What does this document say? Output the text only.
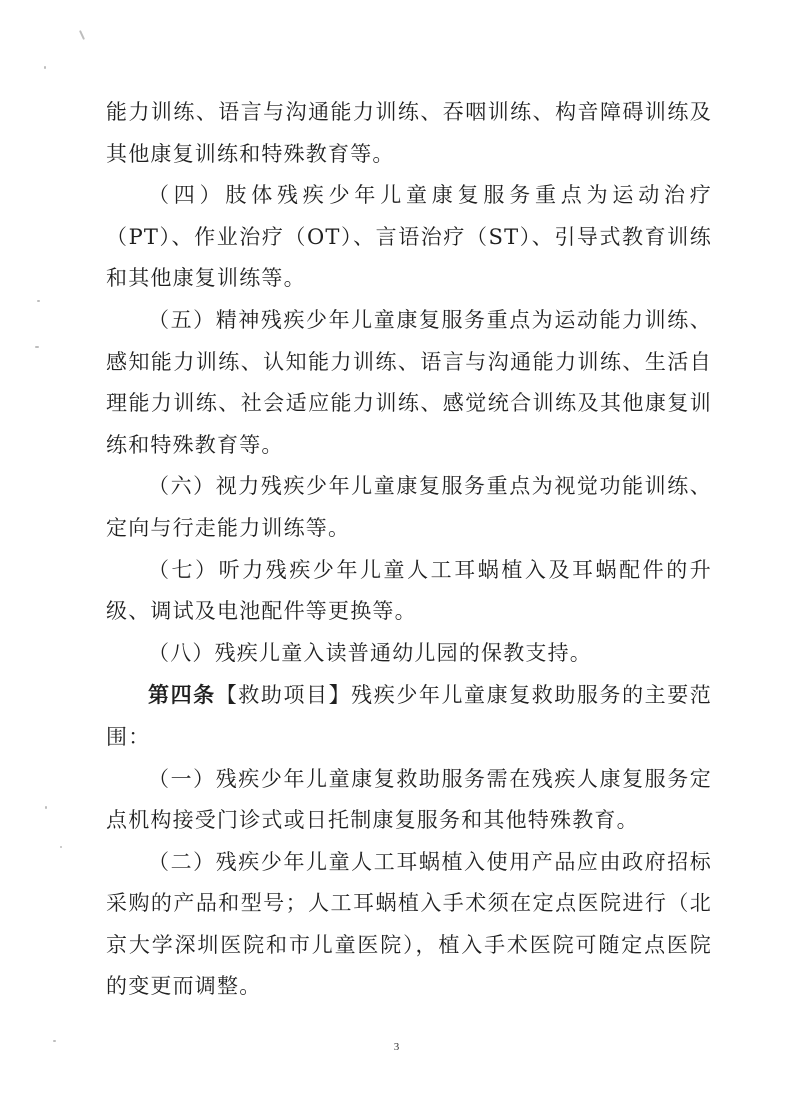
能力训练、语言与沟通能力训练、吞咽训练、构音障碍训练及其他康复训练和特殊教育等。

（四）肢体残疾少年儿童康复服务重点为运动治疗（PT）、作业治疗（OT）、言语治疗（ST）、引导式教育训练和其他康复训练等。

（五）精神残疾少年儿童康复服务重点为运动能力训练、感知能力训练、认知能力训练、语言与沟通能力训练、生活自理能力训练、社会适应能力训练、感觉统合训练及其他康复训练和特殊教育等。

（六）视力残疾少年儿童康复服务重点为视觉功能训练、定向与行走能力训练等。

（七）听力残疾少年儿童人工耳蜗植入及耳蜗配件的升级、调试及电池配件等更换等。

（八）残疾儿童入读普通幼儿园的保教支持。

第四条【救助项目】残疾少年儿童康复救助服务的主要范围：

（一）残疾少年儿童康复救助服务需在残疾人康复服务定点机构接受门诊式或日托制康复服务和其他特殊教育。

（二）残疾少年儿童人工耳蜗植入使用产品应由政府招标采购的产品和型号；人工耳蜗植入手术须在定点医院进行（北京大学深圳医院和市儿童医院），植入手术医院可随定点医院的变更而调整。

3
